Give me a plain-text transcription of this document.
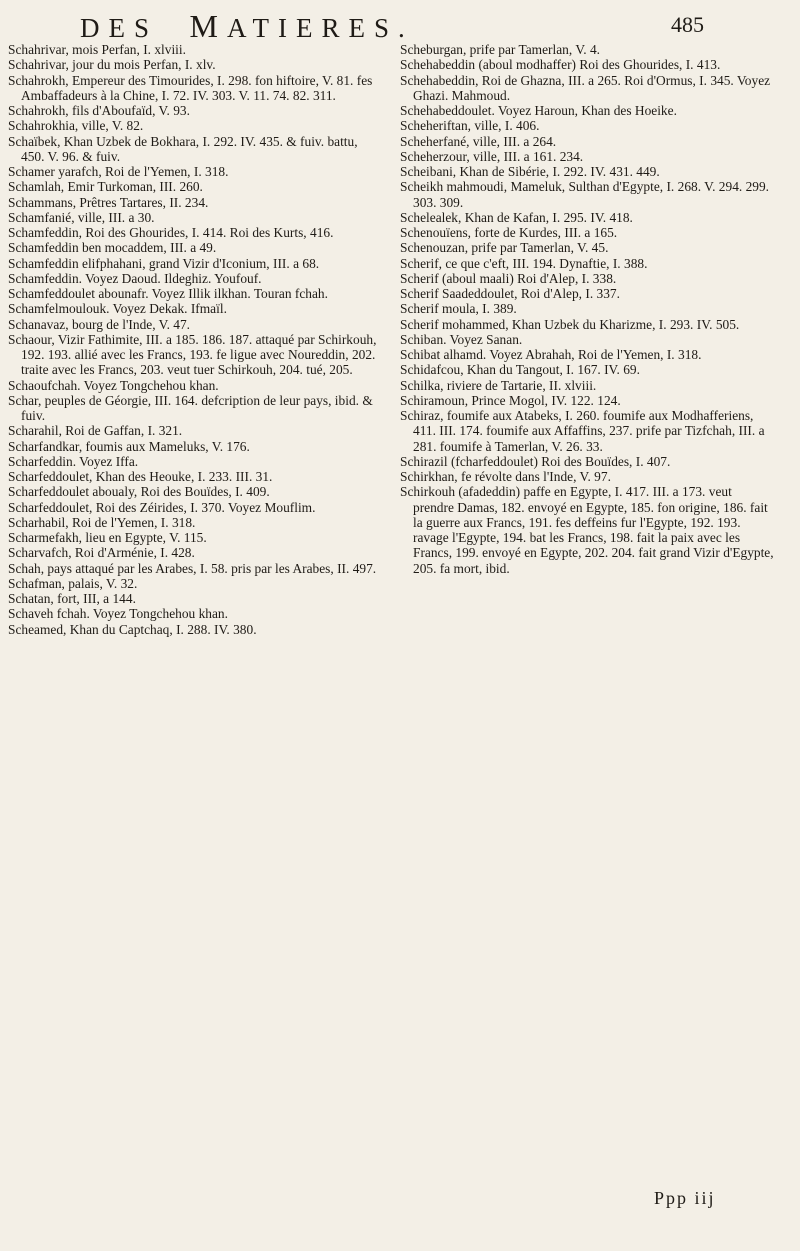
DES MATIERES.	485

Schahrivar, mois Perfan, I. xlviii.

Schahrivar, jour du mois Perfan, I. xlv.

Schahrokh, Empereur des Timourides, I. 298. fon hiftoire, V. 81. fes Ambaffadeurs à la Chine, I. 72. IV. 303. V. 11. 74. 82. 311.

Schahrokh, fils d'Aboufaïd, V. 93.

Schahrokhia, ville, V. 82.

Schaïbek, Khan Uzbek de Bokhara, I. 292. IV. 435. & fuiv. battu, 450. V. 96. & fuiv.

Schamer yarafch, Roi de l'Yemen, I. 318.

Schamlah, Emir Turkoman, III. 260.

Schammans, Prêtres Tartares, II. 234.

Schamfanié, ville, III. a 30.

Schamfeddin, Roi des Ghourides, I. 414. Roi des Kurts, 416.

Schamfeddin ben mocaddem, III. a 49.

Schamfeddin elifphahani, grand Vizir d'Iconium, III. a 68.

Schamfeddin. Voyez Daoud. Ildeghiz. Youfouf.

Schamfeddoulet abounafr. Voyez Illik ilkhan. Touran fchah.

Schamfelmoulouk. Voyez Dekak. Ifmaïl.

Schanavaz, bourg de l'Inde, V. 47.

Schaour, Vizir Fathimite, III. a 185. 186. 187. attaqué par Schirkouh, 192. 193. allié avec les Francs, 193. fe ligue avec Noureddin, 202. traite avec les Francs, 203. veut tuer Schirkouh, 204. tué, 205.

Schaoufchah. Voyez Tongchehou khan.

Schar, peuples de Géorgie, III. 164. defcription de leur pays, ibid. & fuiv.

Scharahil, Roi de Gaffan, I. 321.

Scharfandkar, foumis aux Mameluks, V. 176.

Scharfeddin. Voyez Iffa.

Scharfeddoulet, Khan des Heouke, I. 233. III. 31.

Scharfeddoulet aboualy, Roi des Bouïdes, I. 409.

Scharfeddoulet, Roi des Zéirides, I. 370. Voyez Mouflim.

Scharhabil, Roi de l'Yemen, I. 318.

Scharmefakh, lieu en Egypte, V. 115.

Scharvafch, Roi d'Arménie, I. 428.

Schah, pays attaqué par les Arabes, I. 58. pris par les Arabes, II. 497.

Schafman, palais, V. 32.

Schatan, fort, III, a 144.

Schaveh fchah. Voyez Tongchehou khan.

Scheamed, Khan du Captchaq, I. 288. IV. 380.

Scheburgan, prife par Tamerlan, V. 4.

Schehabeddin (aboul modhaffer) Roi des Ghourides, I. 413.

Schehabeddin, Roi de Ghazna, III. a 265. Roi d'Ormus, I. 345. Voyez Ghazi. Mahmoud.

Schehabeddoulet. Voyez Haroun, Khan des Hoeike.

Scheheriftan, ville, I. 406.

Scheherfané, ville, III. a 264.

Scheherzour, ville, III. a 161. 234.

Scheibani, Khan de Sibérie, I. 292. IV. 431. 449.

Scheikh mahmoudi, Mameluk, Sulthan d'Egypte, I. 268. V. 294. 299. 303. 309.

Schelealek, Khan de Kafan, I. 295. IV. 418.

Schenouïens, forte de Kurdes, III. a 165.

Schenouzan, prife par Tamerlan, V. 45.

Scherif, ce que c'eft, III. 194. Dynaftie, I. 388.

Scherif (aboul maali) Roi d'Alep, I. 338.

Scherif Saadeddoulet, Roi d'Alep, I. 337.

Scherif moula, I. 389.

Scherif mohammed, Khan Uzbek du Kharizme, I. 293. IV. 505.

Schiban. Voyez Sanan.

Schibat alhamd. Voyez Abrahah, Roi de l'Yemen, I. 318.

Schidafcou, Khan du Tangout, I. 167. IV. 69.

Schilka, riviere de Tartarie, II. xlviii.

Schiramoun, Prince Mogol, IV. 122. 124.

Schiraz, foumife aux Atabeks, I. 260. foumife aux Modhafferiens, 411. III. 174. foumife aux Affaffins, 237. prife par Tizfchah, III. a 281. foumife à Tamerlan, V. 26. 33.

Schirazil (fcharfeddoulet) Roi des Bouïdes, I. 407.

Schirkhan, fe révolte dans l'Inde, V. 97.

Schirkouh (afadeddin) paffe en Egypte, I. 417. III. a 173. veut prendre Damas, 182. envoyé en Egypte, 185. fon origine, 186. fait la guerre aux Francs, 191. fes deffeins fur l'Egypte, 192. 193. ravage l'Egypte, 194. bat les Francs, 198. fait la paix avec les Francs, 199. envoyé en Egypte, 202. 204. fait grand Vizir d'Egypte, 205. fa mort, ibid.

Ppp iij
